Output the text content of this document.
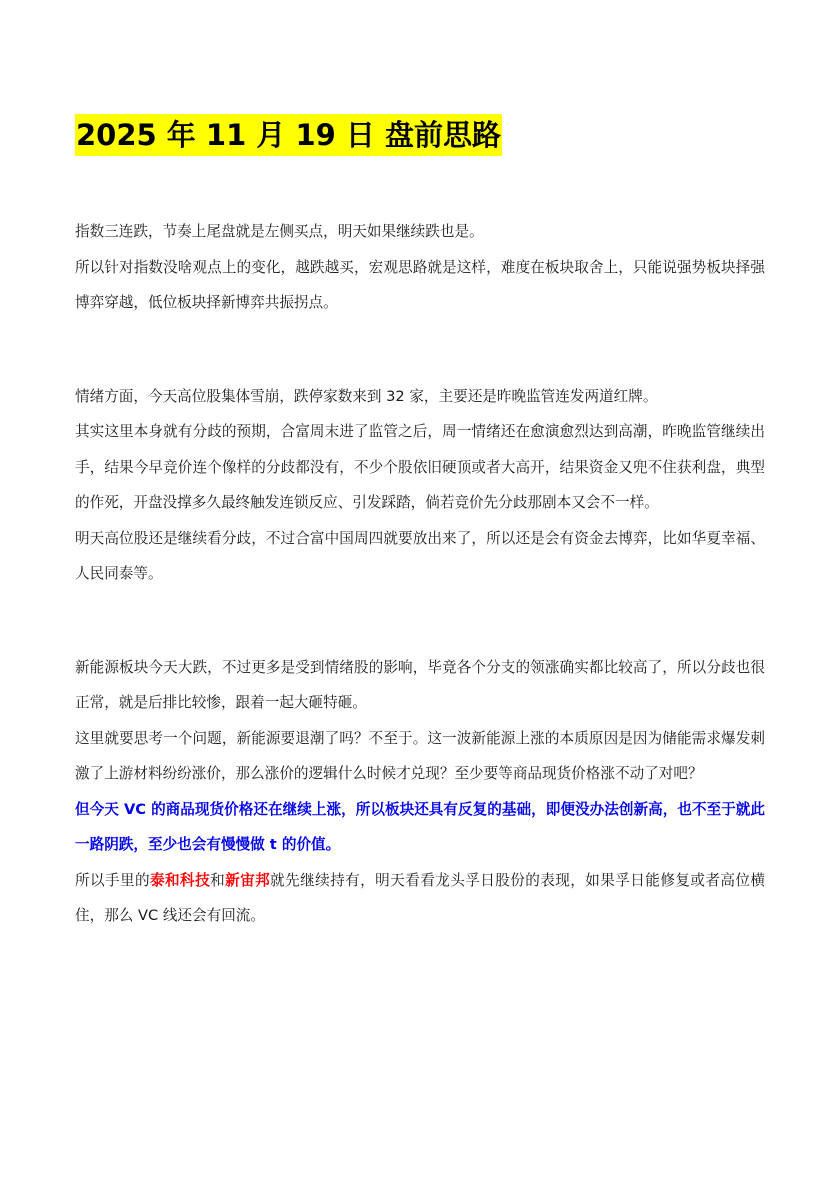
2025 年 11 月 19 日 盘前思路

指数三连跌，节奏上尾盘就是左侧买点，明天如果继续跌也是。

所以针对指数没啥观点上的变化，越跌越买，宏观思路就是这样，难度在板块取舍上，只能说强势板块择强博弈穿越，低位板块择新博弈共振拐点。

情绪方面，今天高位股集体雪崩，跌停家数来到 32 家，主要还是昨晚监管连发两道红牌。

其实这里本身就有分歧的预期，合富周末进了监管之后，周一情绪还在愈演愈烈达到高潮，昨晚监管继续出手，结果今早竞价连个像样的分歧都没有，不少个股依旧硬顶或者大高开，结果资金又兜不住获利盘，典型的作死，开盘没撑多久最终触发连锁反应、引发踩踏，倘若竞价先分歧那剧本又会不一样。

明天高位股还是继续看分歧，不过合富中国周四就要放出来了，所以还是会有资金去博弈，比如华夏幸福、人民同泰等。

新能源板块今天大跌，不过更多是受到情绪股的影响，毕竟各个分支的领涨确实都比较高了，所以分歧也很正常，就是后排比较惨，跟着一起大砸特砸。

这里就要思考一个问题，新能源要退潮了吗？不至于。这一波新能源上涨的本质原因是因为储能需求爆发刺激了上游材料纷纷涨价，那么涨价的逻辑什么时候才兑现？至少要等商品现货价格涨不动了对吧？

但今天 VC 的商品现货价格还在继续上涨，所以板块还具有反复的基础，即便没办法创新高，也不至于就此一路阴跌，至少也会有慢慢做 t 的价值。

所以手里的泰和科技和新宙邦就先继续持有，明天看看龙头孚日股份的表现，如果孚日能修复或者高位横住，那么 VC 线还会有回流。
